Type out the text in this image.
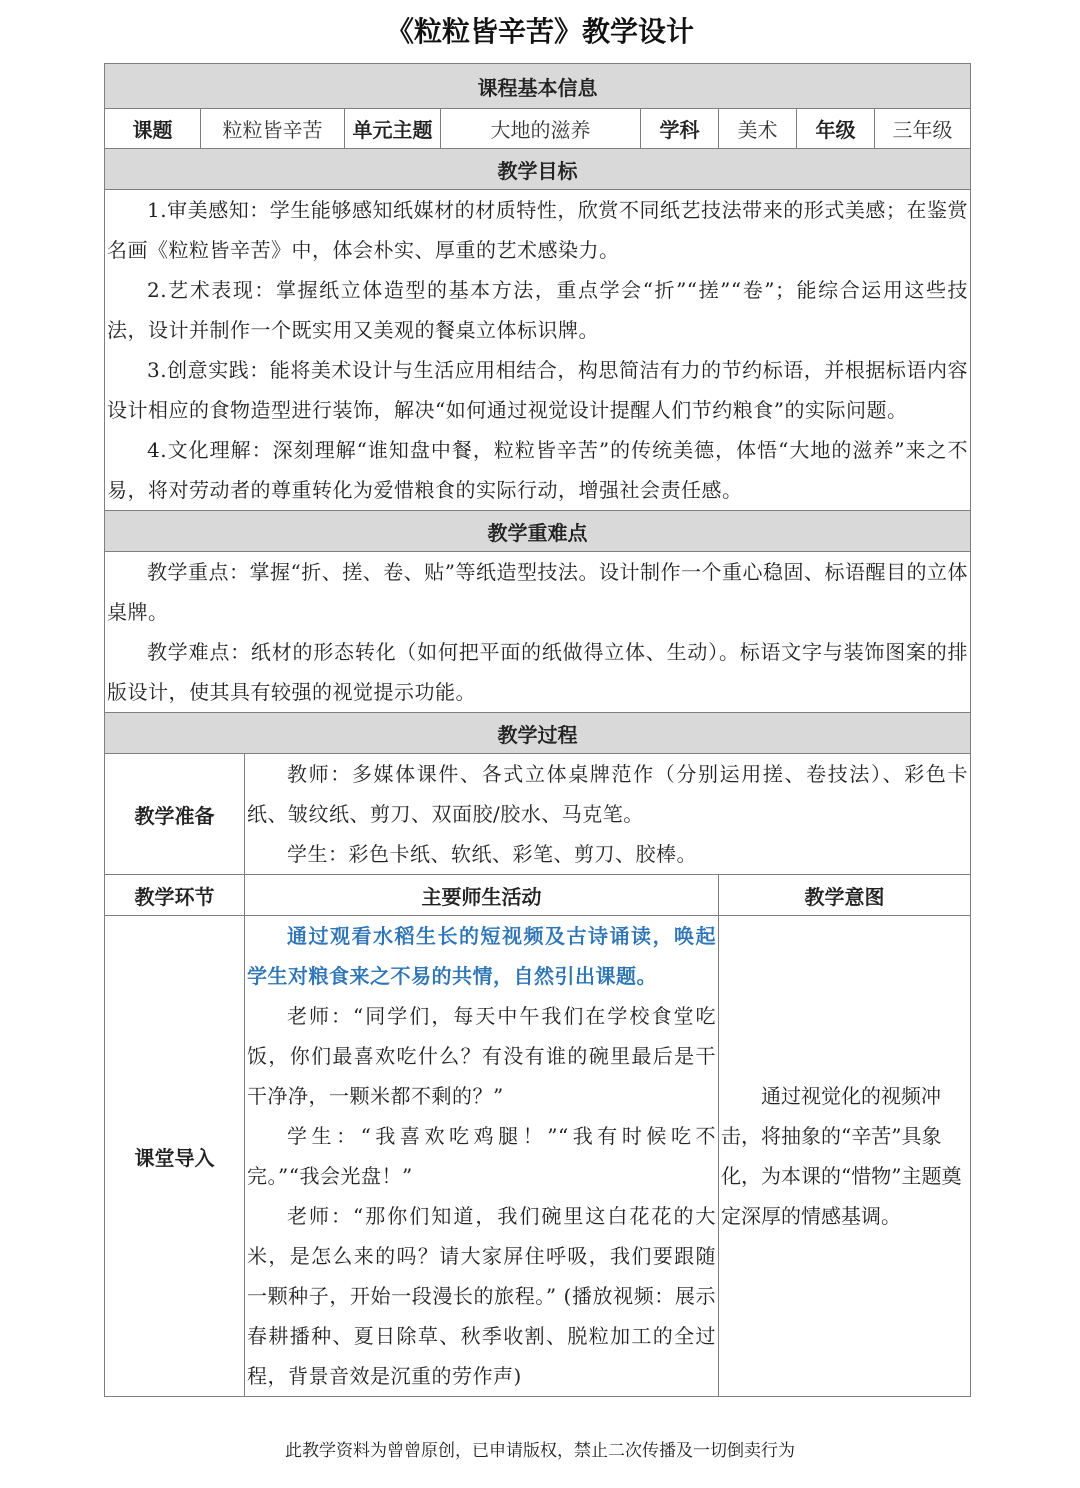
《粒粒皆辛苦》教学设计
课程基本信息								
课题	粒粒皆辛苦		单元主题	大地的滋养	学科	美术	年级	三年级
教学目标								

1.审美感知：学生能够感知纸媒材的材质特性，欣赏不同纸艺技法带来的形式美感；在鉴赏名画《粒粒皆辛苦》中，体会朴实、厚重的艺术感染力。

2.艺术表现：掌握纸立体造型的基本方法，重点学会“折”“搓”“卷”；能综合运用这些技法，设计并制作一个既实用又美观的餐桌立体标识牌。

3.创意实践：能将美术设计与生活应用相结合，构思简洁有力的节约标语，并根据标语内容设计相应的食物造型进行装饰，解决“如何通过视觉设计提醒人们节约粮食”的实际问题。

4.文化理解：深刻理解“谁知盘中餐，粒粒皆辛苦”的传统美德，体悟“大地的滋养”来之不易，将对劳动者的尊重转化为爱惜粮食的实际行动，增强社会责任感。								

教学重难点								

教学重点：掌握“折、搓、卷、贴”等纸造型技法。设计制作一个重心稳固、标语醒目的立体桌牌。

教学难点：纸材的形态转化（如何把平面的纸做得立体、生动）。标语文字与装饰图案的排版设计，使其具有较强的视觉提示功能。								

教学过程								
教学准备		教师：多媒体课件、各式立体桌牌范作（分别运用搓、卷技法）、彩色卡纸、皱纹纸、剪刀、双面胶/胶水、马克笔。

学生：彩色卡纸、软纸、彩笔、剪刀、胶棒。						

教学环节		主要师生活动				教学意图		
课堂导入		通过观看水稻生长的短视频及古诗诵读，唤起学生对粮食来之不易的共情，自然引出课题。

老师：“同学们，每天中午我们在学校食堂吃饭，你们最喜欢吃什么？有没有谁的碗里最后是干干净净，一颗米都不剩的？”

学生：“我喜欢吃鸡腿！”“我有时候吃不完。”“我会光盘！”

老师：“那你们知道，我们碗里这白花花的大米，是怎么来的吗？请大家屏住呼吸，我们要跟随一颗种子，开始一段漫长的旅程。” (播放视频：展示春耕播种、夏日除草、秋季收割、脱粒加工的全过程，背景音效是沉重的劳作声)				通过视觉化的视频冲击，将抽象的“辛苦”具象化，为本课的“惜物”主题奠定深厚的情感基调。		
此教学资料为曾曾原创，已申请版权，禁止二次传播及一切倒卖行为
